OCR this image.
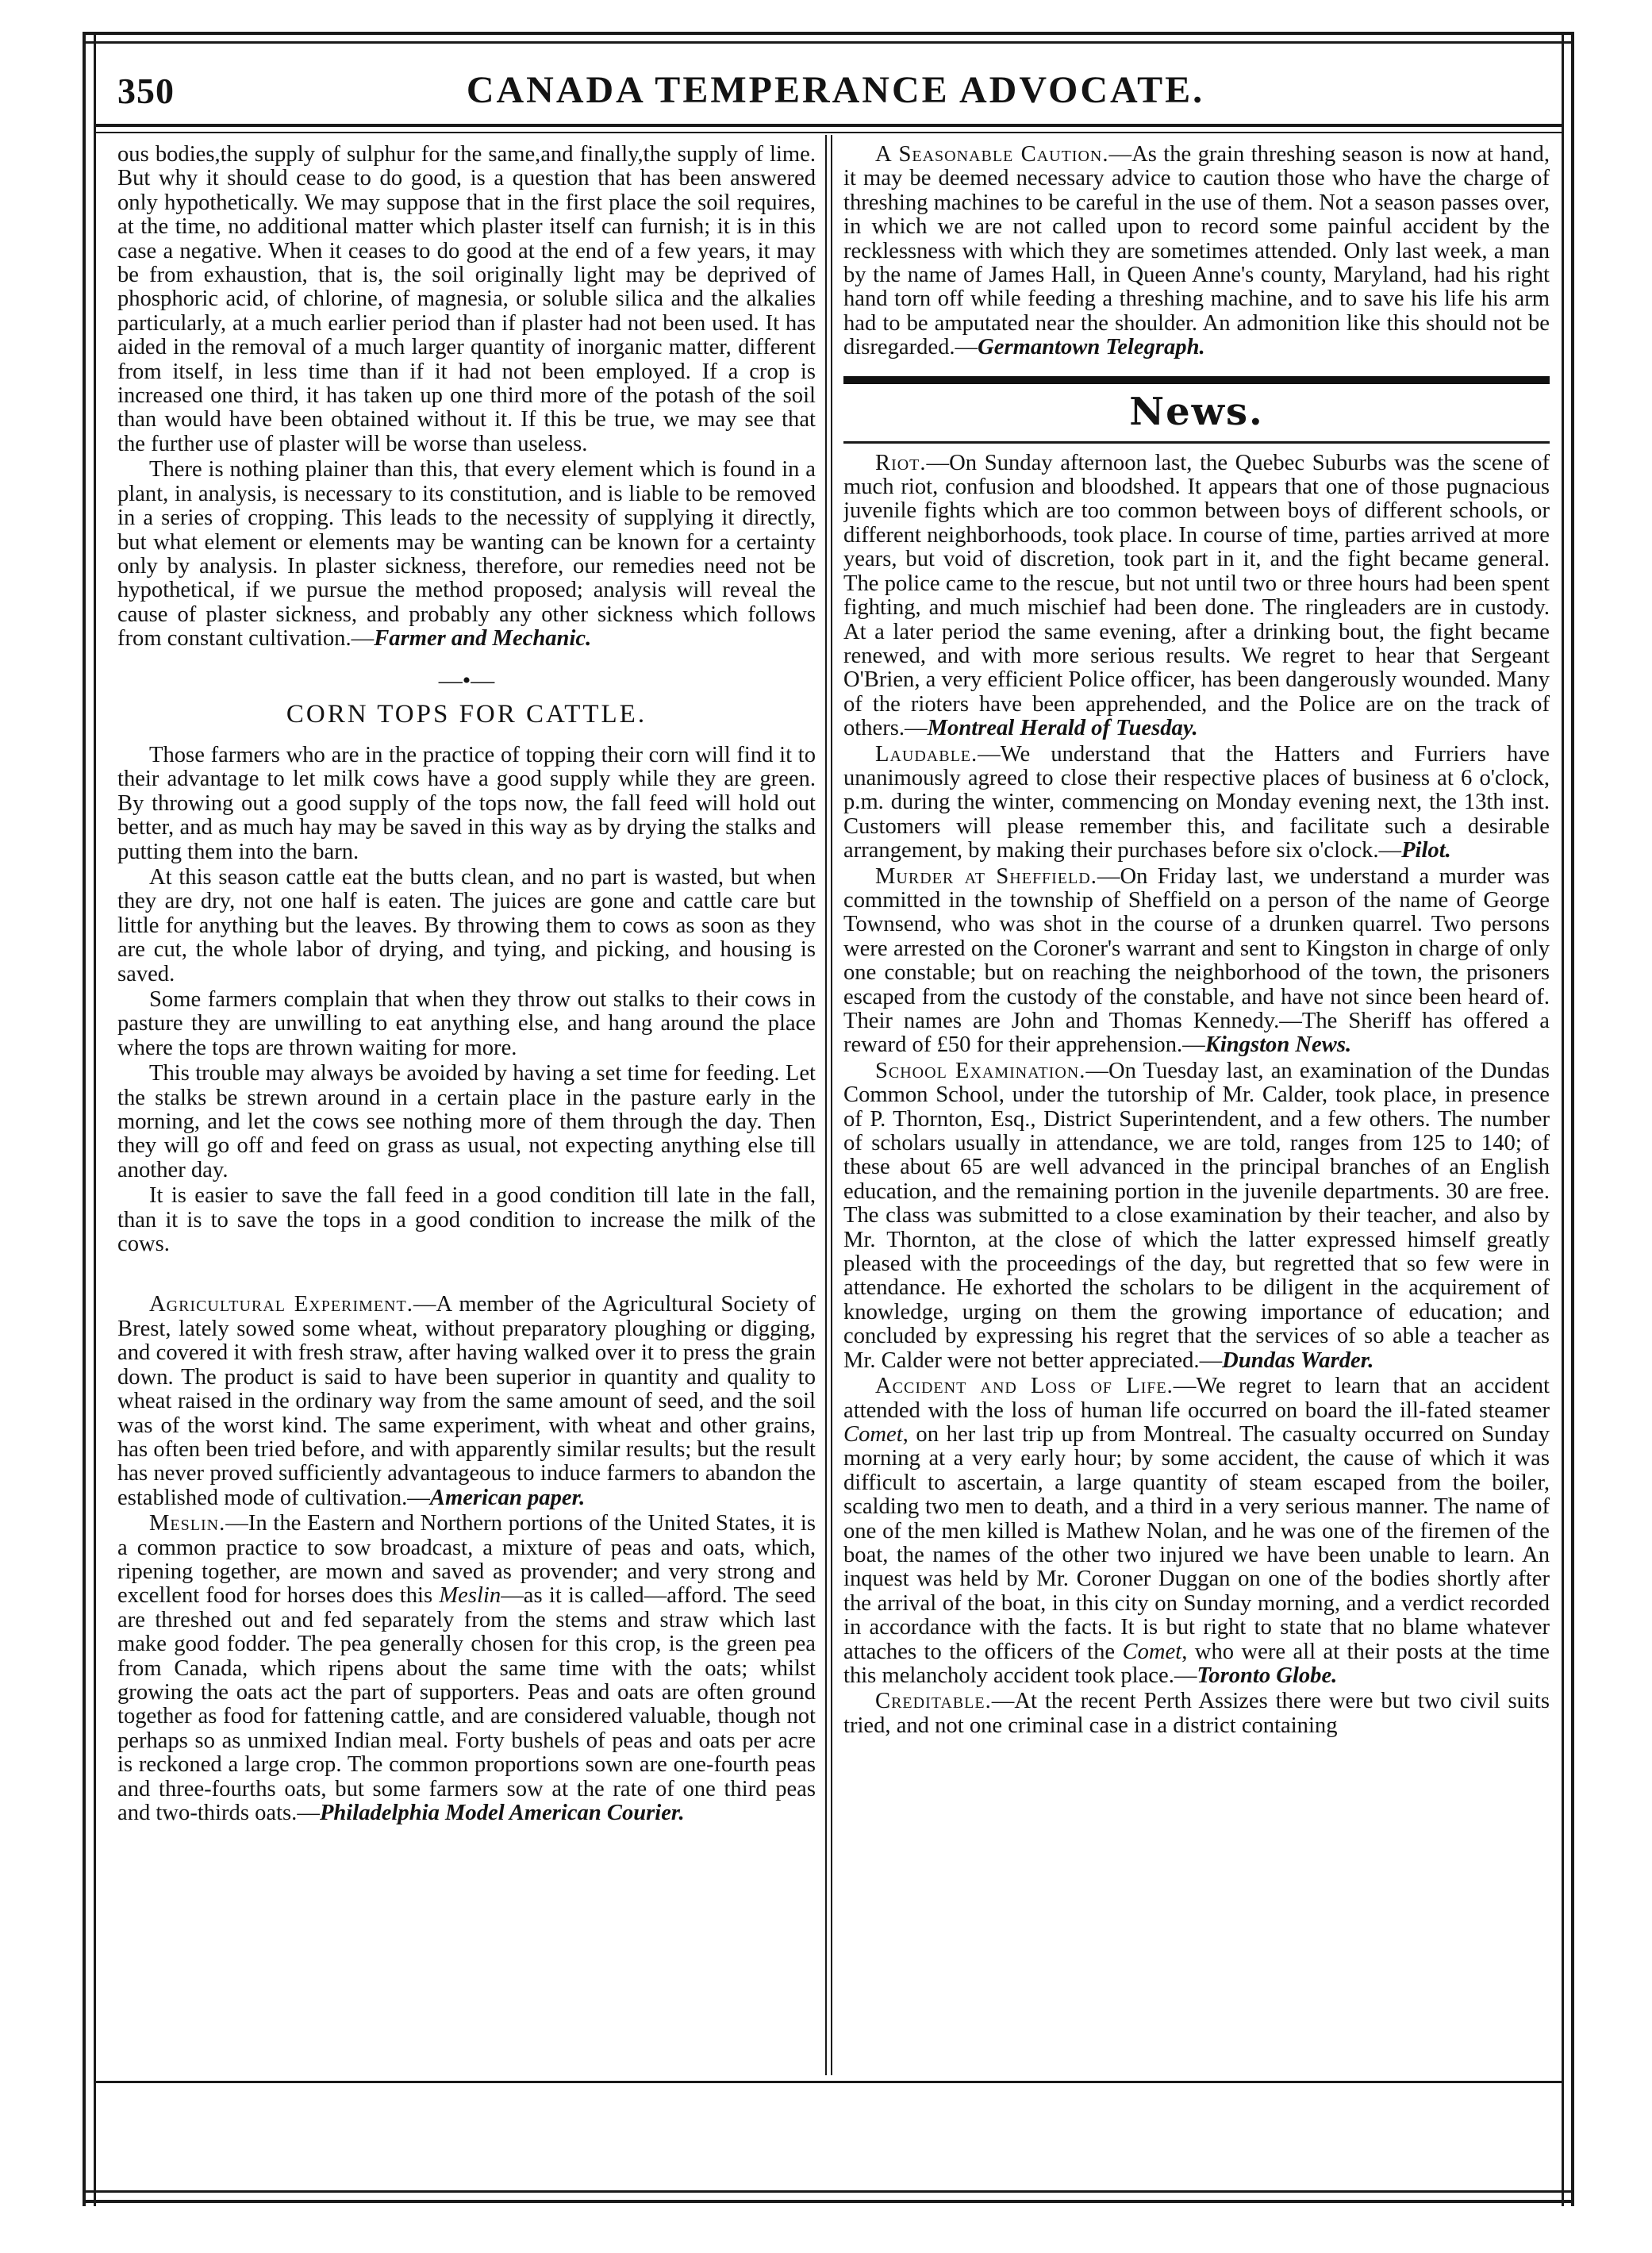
350	CANADA TEMPERANCE ADVOCATE.

ous bodies,the supply of sulphur for the same,and finally,the supply of lime. But why it should cease to do good, is a question that has been answered only hypothetically. We may suppose that in the first place the soil requires, at the time, no additional matter which plaster itself can furnish; it is in this case a negative. When it ceases to do good at the end of a few years, it may be from exhaustion, that is, the soil originally light may be deprived of phosphoric acid, of chlorine, of magnesia, or soluble silica and the alkalies particularly, at a much earlier period than if plaster had not been used. It has aided in the removal of a much larger quantity of inorganic matter, different from itself, in less time than if it had not been employed. If a crop is increased one third, it has taken up one third more of the potash of the soil than would have been obtained without it. If this be true, we may see that the further use of plaster will be worse than useless.

There is nothing plainer than this, that every element which is found in a plant, in analysis, is necessary to its constitution, and is liable to be removed in a series of cropping. This leads to the necessity of supplying it directly, but what element or elements may be wanting can be known for a certainty only by analysis. In plaster sickness, therefore, our remedies need not be hypothetical, if we pursue the method proposed; analysis will reveal the cause of plaster sickness, and probably any other sickness which follows from constant cultivation.—Farmer and Mechanic.

—•—
CORN TOPS FOR CATTLE.

Those farmers who are in the practice of topping their corn will find it to their advantage to let milk cows have a good supply while they are green. By throwing out a good supply of the tops now, the fall feed will hold out better, and as much hay may be saved in this way as by drying the stalks and putting them into the barn.

At this season cattle eat the butts clean, and no part is wasted, but when they are dry, not one half is eaten. The juices are gone and cattle care but little for anything but the leaves. By throwing them to cows as soon as they are cut, the whole labor of drying, and tying, and picking, and housing is saved.

Some farmers complain that when they throw out stalks to their cows in pasture they are unwilling to eat anything else, and hang around the place where the tops are thrown waiting for more.

This trouble may always be avoided by having a set time for feeding. Let the stalks be strewn around in a certain place in the pasture early in the morning, and let the cows see nothing more of them through the day. Then they will go off and feed on grass as usual, not expecting anything else till another day.

It is easier to save the fall feed in a good condition till late in the fall, than it is to save the tops in a good condition to increase the milk of the cows.

Agricultural Experiment.—A member of the Agricultural Society of Brest, lately sowed some wheat, without preparatory ploughing or digging, and covered it with fresh straw, after having walked over it to press the grain down. The product is said to have been superior in quantity and quality to wheat raised in the ordinary way from the same amount of seed, and the soil was of the worst kind. The same experiment, with wheat and other grains, has often been tried before, and with apparently similar results; but the result has never proved sufficiently advantageous to induce farmers to abandon the established mode of cultivation.—American paper.

Meslin.—In the Eastern and Northern portions of the United States, it is a common practice to sow broadcast, a mixture of peas and oats, which, ripening together, are mown and saved as provender; and very strong and excellent food for horses does this Meslin—as it is called—afford. The seed are threshed out and fed separately from the stems and straw which last make good fodder. The pea generally chosen for this crop, is the green pea from Canada, which ripens about the same time with the oats; whilst growing the oats act the part of supporters. Peas and oats are often ground together as food for fattening cattle, and are considered valuable, though not perhaps so as unmixed Indian meal. Forty bushels of peas and oats per acre is reckoned a large crop. The common proportions sown are one-fourth peas and three-fourths oats, but some farmers sow at the rate of one third peas and two-thirds oats.—Philadelphia Model American Courier.

A Seasonable Caution.—As the grain threshing season is now at hand, it may be deemed necessary advice to caution those who have the charge of threshing machines to be careful in the use of them. Not a season passes over, in which we are not called upon to record some painful accident by the recklessness with which they are sometimes attended. Only last week, a man by the name of James Hall, in Queen Anne's county, Maryland, had his right hand torn off while feeding a threshing machine, and to save his life his arm had to be amputated near the shoulder. An admonition like this should not be disregarded.—Germantown Telegraph.

News.

Riot.—On Sunday afternoon last, the Quebec Suburbs was the scene of much riot, confusion and bloodshed. It appears that one of those pugnacious juvenile fights which are too common between boys of different schools, or different neighborhoods, took place. In course of time, parties arrived at more years, but void of discretion, took part in it, and the fight became general. The police came to the rescue, but not until two or three hours had been spent fighting, and much mischief had been done. The ringleaders are in custody. At a later period the same evening, after a drinking bout, the fight became renewed, and with more serious results. We regret to hear that Sergeant O'Brien, a very efficient Police officer, has been dangerously wounded. Many of the rioters have been apprehended, and the Police are on the track of others.—Montreal Herald of Tuesday.

Laudable.—We understand that the Hatters and Furriers have unanimously agreed to close their respective places of business at 6 o'clock, p.m. during the winter, commencing on Monday evening next, the 13th inst. Customers will please remember this, and facilitate such a desirable arrangement, by making their purchases before six o'clock.—Pilot.

Murder at Sheffield.—On Friday last, we understand a murder was committed in the township of Sheffield on a person of the name of George Townsend, who was shot in the course of a drunken quarrel. Two persons were arrested on the Coroner's warrant and sent to Kingston in charge of only one constable; but on reaching the neighborhood of the town, the prisoners escaped from the custody of the constable, and have not since been heard of. Their names are John and Thomas Kennedy.—The Sheriff has offered a reward of £50 for their apprehension.—Kingston News.

School Examination.—On Tuesday last, an examination of the Dundas Common School, under the tutorship of Mr. Calder, took place, in presence of P. Thornton, Esq., District Superintendent, and a few others. The number of scholars usually in attendance, we are told, ranges from 125 to 140; of these about 65 are well advanced in the principal branches of an English education, and the remaining portion in the juvenile departments. 30 are free. The class was submitted to a close examination by their teacher, and also by Mr. Thornton, at the close of which the latter expressed himself greatly pleased with the proceedings of the day, but regretted that so few were in attendance. He exhorted the scholars to be diligent in the acquirement of knowledge, urging on them the growing importance of education; and concluded by expressing his regret that the services of so able a teacher as Mr. Calder were not better appreciated.—Dundas Warder.

Accident and Loss of Life.—We regret to learn that an accident attended with the loss of human life occurred on board the ill-fated steamer Comet, on her last trip up from Montreal. The casualty occurred on Sunday morning at a very early hour; by some accident, the cause of which it was difficult to ascertain, a large quantity of steam escaped from the boiler, scalding two men to death, and a third in a very serious manner. The name of one of the men killed is Mathew Nolan, and he was one of the firemen of the boat, the names of the other two injured we have been unable to learn. An inquest was held by Mr. Coroner Duggan on one of the bodies shortly after the arrival of the boat, in this city on Sunday morning, and a verdict recorded in accordance with the facts. It is but right to state that no blame whatever attaches to the officers of the Comet, who were all at their posts at the time this melancholy accident took place.—Toronto Globe.

Creditable.—At the recent Perth Assizes there were but two civil suits tried, and not one criminal case in a district containing
